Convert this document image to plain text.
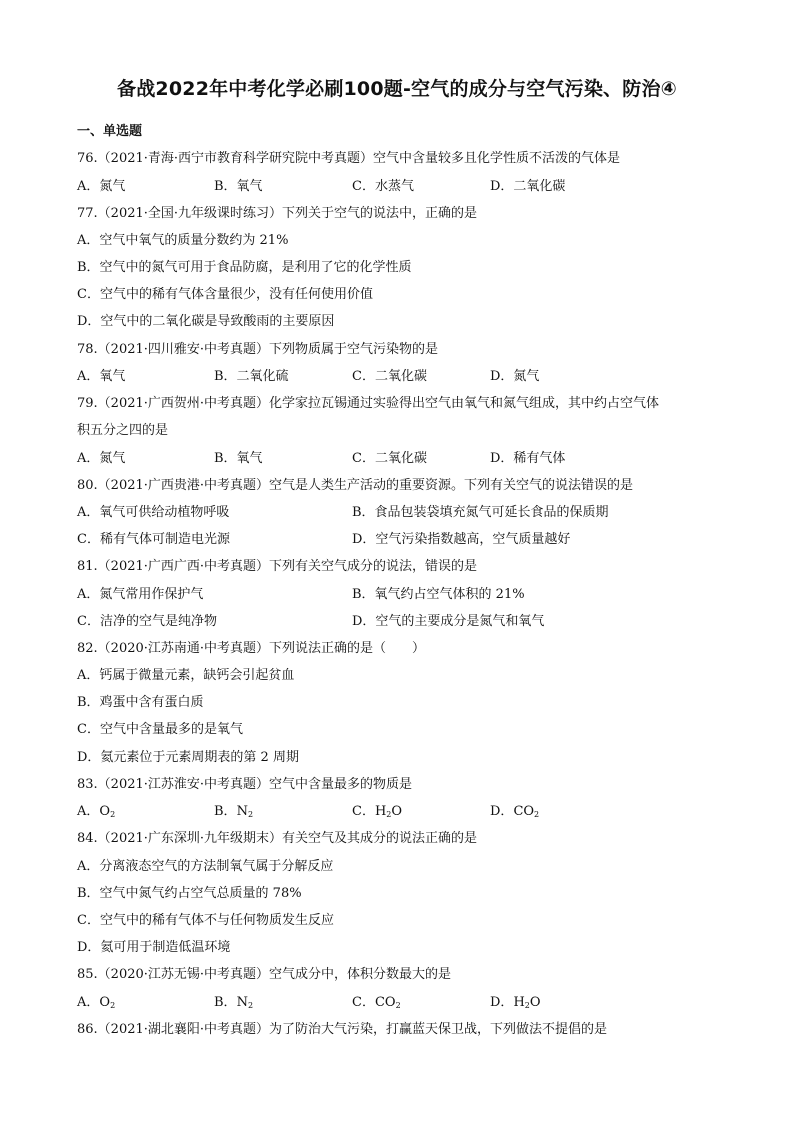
备战2022年中考化学必刷100题-空气的成分与空气污染、防治④
一、单选题
76.（2021·青海·西宁市教育科学研究院中考真题）空气中含量较多且化学性质不活泼的气体是
A．氮气	B．氧气	C．水蒸气	D．二氧化碳
77.（2021·全国·九年级课时练习）下列关于空气的说法中，正确的是
A．空气中氧气的质量分数约为 21%
B．空气中的氮气可用于食品防腐，是利用了它的化学性质
C．空气中的稀有气体含量很少，没有任何使用价值
D．空气中的二氧化碳是导致酸雨的主要原因
78.（2021·四川雅安·中考真题）下列物质属于空气污染物的是
A．氧气	B．二氧化硫	C．二氧化碳	D．氮气
79.（2021·广西贺州·中考真题）化学家拉瓦锡通过实验得出空气由氧气和氮气组成，其中约占空气体
积五分之四的是
A．氮气	B．氧气	C．二氧化碳	D．稀有气体
80.（2021·广西贵港·中考真题）空气是人类生产活动的重要资源。下列有关空气的说法错误的是
A．氧气可供给动植物呼吸	B．食品包装袋填充氮气可延长食品的保质期
C．稀有气体可制造电光源	D．空气污染指数越高，空气质量越好
81.（2021·广西广西·中考真题）下列有关空气成分的说法，错误的是
A．氮气常用作保护气	B．氧气约占空气体积的 21%
C．洁净的空气是纯净物	D．空气的主要成分是氮气和氧气
82.（2020·江苏南通·中考真题）下列说法正确的是（　　）
A．钙属于微量元素，缺钙会引起贫血
B．鸡蛋中含有蛋白质
C．空气中含量最多的是氧气
D．氦元素位于元素周期表的第 2 周期
83.（2021·江苏淮安·中考真题）空气中含量最多的物质是
A．$O_2$	B．$N_2$	C．$H_2O$	D．$CO_2$
84.（2021·广东深圳·九年级期末）有关空气及其成分的说法正确的是
A．分离液态空气的方法制氧气属于分解反应
B．空气中氮气约占空气总质量的 78%
C．空气中的稀有气体不与任何物质发生反应
D．氦可用于制造低温环境
85.（2020·江苏无锡·中考真题）空气成分中，体积分数最大的是
A．$O_2$	B．$N_2$	C．$CO_2$	D．$H_2O$
86.（2021·湖北襄阳·中考真题）为了防治大气污染，打赢蓝天保卫战，下列做法不提倡的是
